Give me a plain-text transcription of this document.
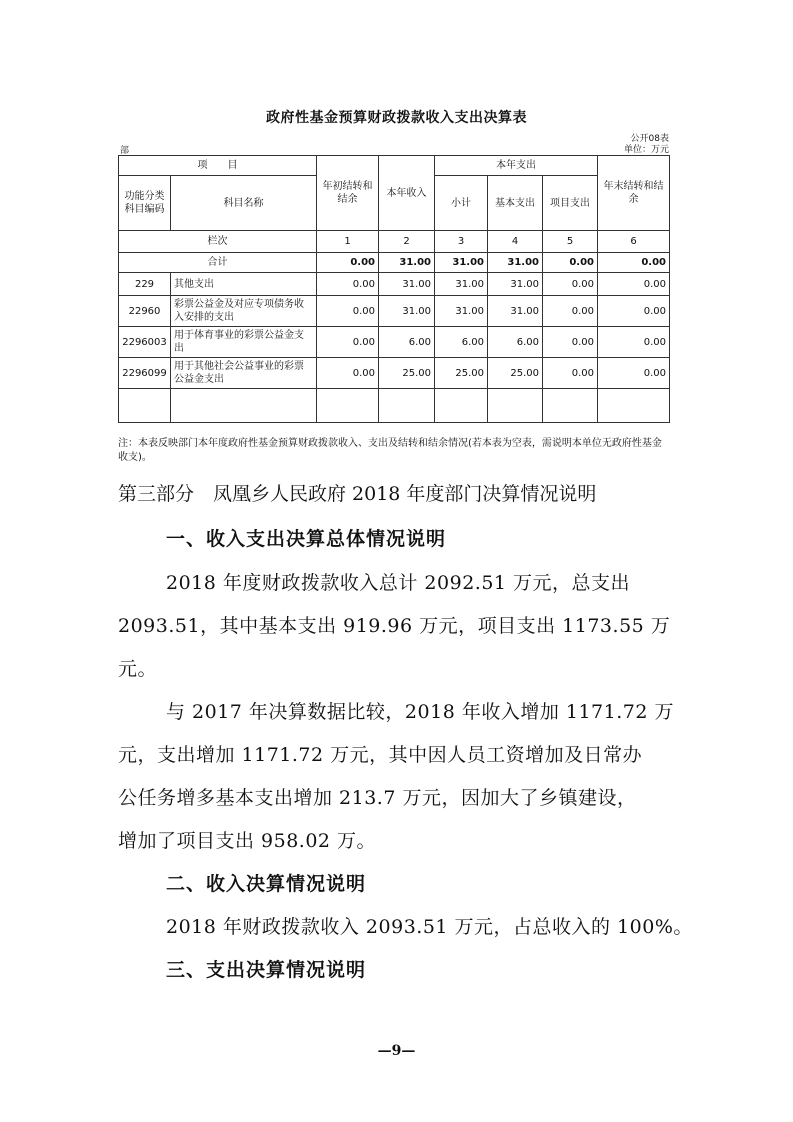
政府性基金预算财政拨款收入支出决算表
公开08表
部	单位：万元
项　　目		年初结转和结余	本年收入	本年支出			年末结转和结余
功能分类科目编码	科目名称			小计	基本支出	项目支出	
栏次		1	2	3	4	5	6
合计		0.00	31.00	31.00	31.00	0.00	0.00
229	其他支出	0.00	31.00	31.00	31.00	0.00	0.00
22960	彩票公益金及对应专项债务收入安排的支出	0.00	31.00	31.00	31.00	0.00	0.00
2296003	用于体育事业的彩票公益金支出	0.00	6.00	6.00	6.00	0.00	0.00
2296099	用于其他社会公益事业的彩票公益金支出	0.00	25.00	25.00	25.00	0.00	0.00

注：本表反映部门本年度政府性基金预算财政拨款收入、支出及结转和结余情况(若本表为空表，需说明本单位无政府性基金收支)。
第三部分　凤凰乡人民政府 2018 年度部门决算情况说明
一、收入支出决算总体情况说明
2018 年度财政拨款收入总计 2092.51 万元，总支出
2093.51，其中基本支出 919.96 万元，项目支出 1173.55 万
元。
与 2017 年决算数据比较，2018 年收入增加 1171.72 万
元，支出增加 1171.72 万元，其中因人员工资增加及日常办
公任务增多基本支出增加 213.7 万元，因加大了乡镇建设，
增加了项目支出 958.02 万。
二、收入决算情况说明
2018 年财政拨款收入 2093.51 万元，占总收入的 100%。
三、支出决算情况说明
—9—
